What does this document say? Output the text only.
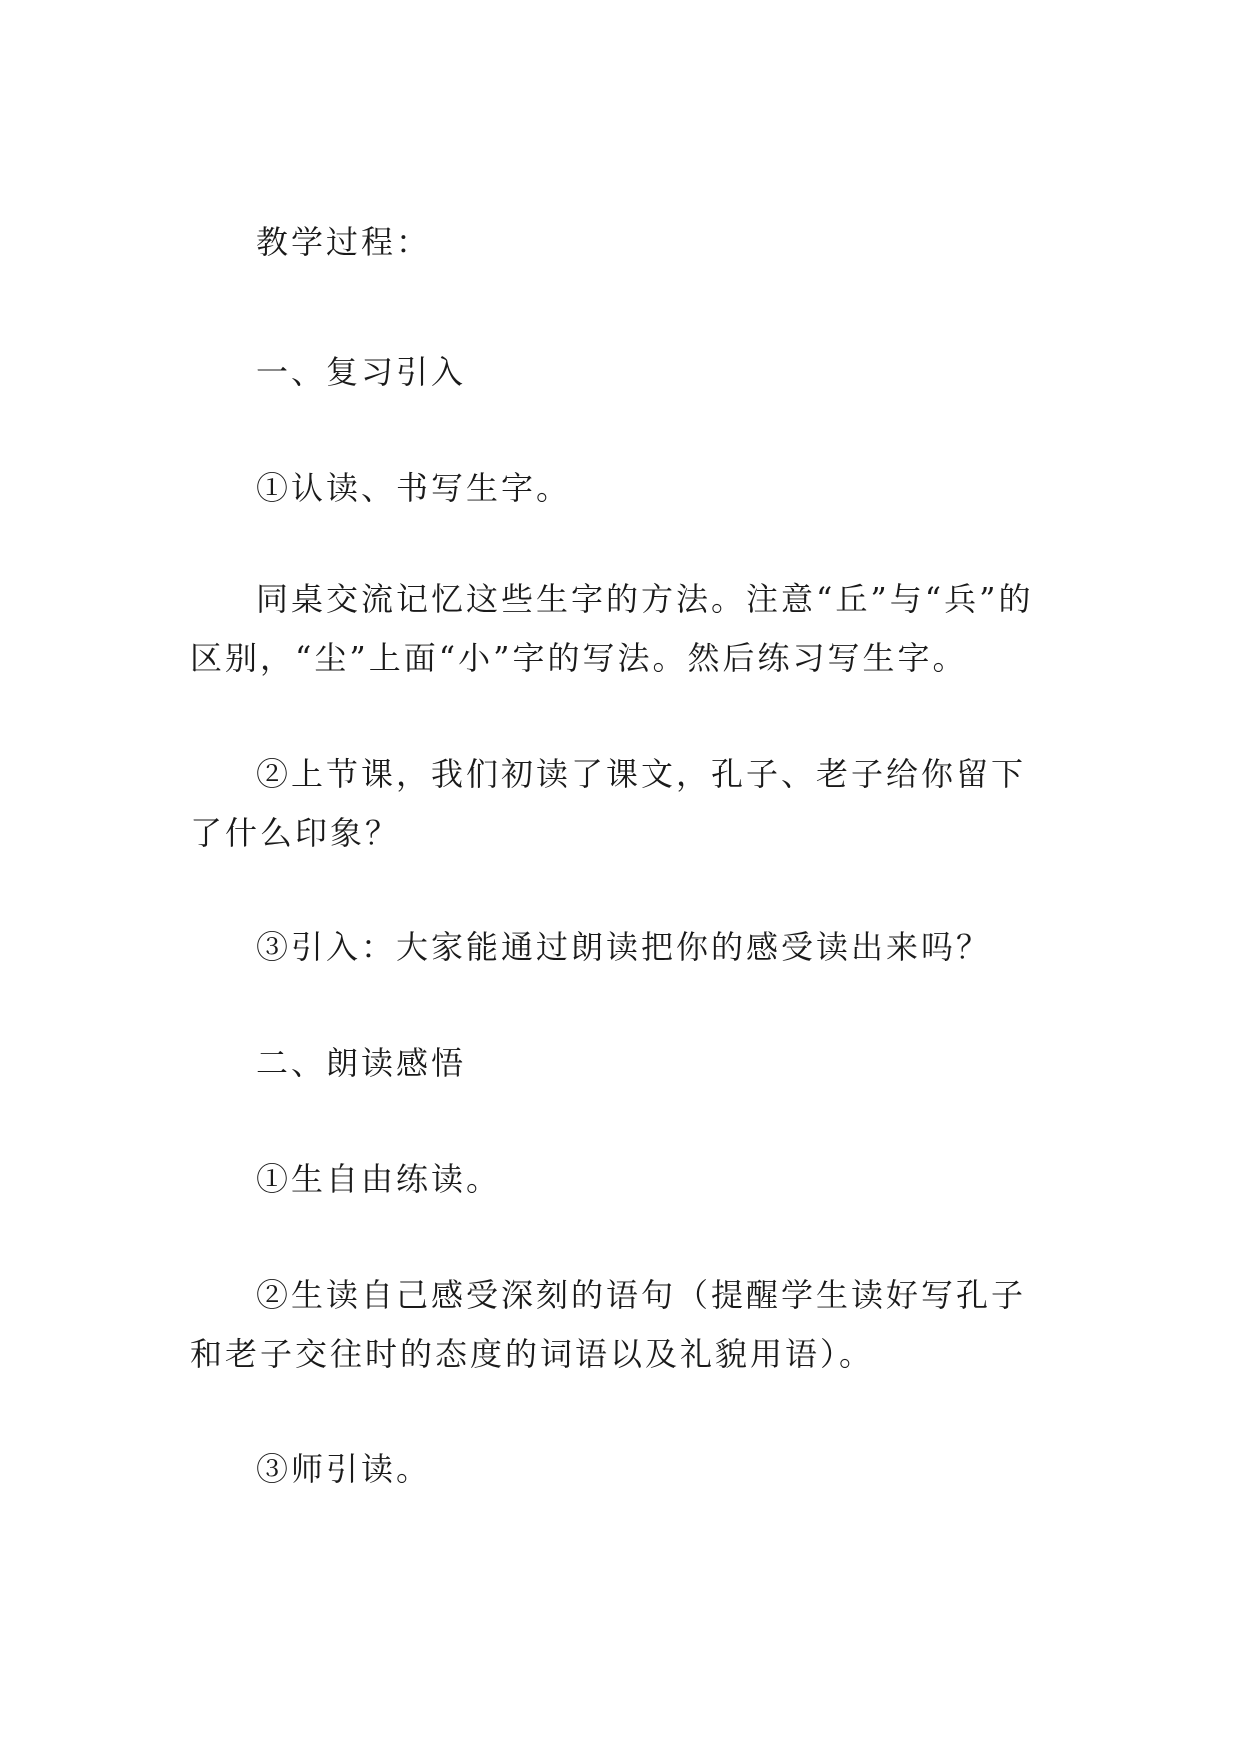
教学过程：

一、复习引入

①认读、书写生字。

同桌交流记忆这些生字的方法。注意“丘”与“兵”的区别，“尘”上面“小”字的写法。然后练习写生字。

②上节课，我们初读了课文，孔子、老子给你留下了什么印象？

③引入：大家能通过朗读把你的感受读出来吗？

二、朗读感悟

①生自由练读。

②生读自己感受深刻的语句（提醒学生读好写孔子和老子交往时的态度的词语以及礼貌用语）。

③师引读。
